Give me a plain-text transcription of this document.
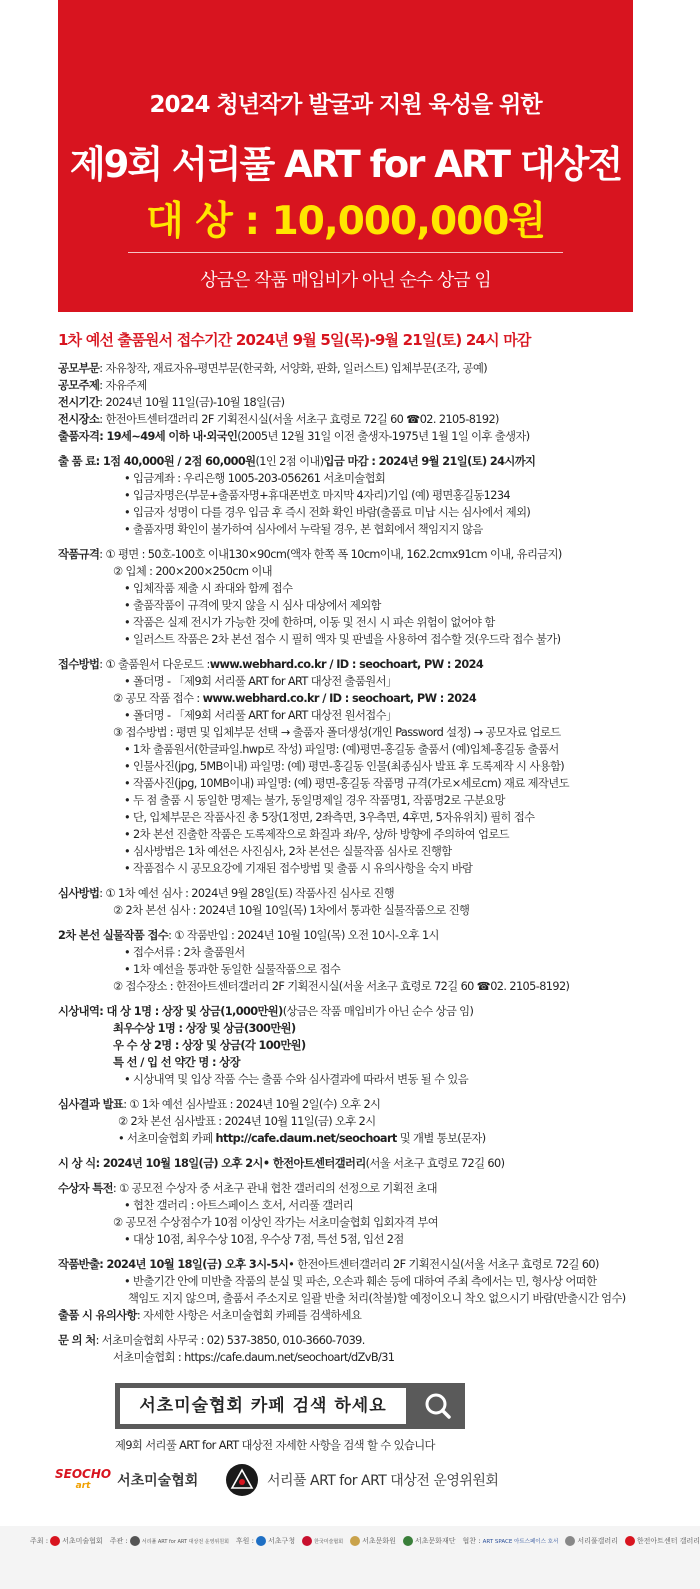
2024 청년작가 발굴과 지원 육성을 위한
제9회 서리풀 ART for ART 대상전
대 상 : 10,000,000원
상금은 작품 매입비가 아닌 순수 상금 임
1차 예선 출품원서 접수기간 2024년 9월 5일(목)-9월 21일(토) 24시 마감
공모부문 : 자유창작, 재료자유-평면부문(한국화, 서양화, 판화, 일러스트) 입체부문(조각, 공예)
공모주제 : 자유주제
전시기간 : 2024년 10월 11일(금)-10월 18일(금)
전시장소 : 한전아트센터갤러리 2F 기획전시실(서울 서초구 효령로 72길 60 ☎02. 2105-8192)
출품자격 : 19세~49세 이하 내·외국인 (2005년 12월 31일 이전 출생자-1975년 1월 1일 이후 출생자)
출 품 료 : 1점 40,000원 / 2점 60,000원 (1인 2점 이내) 입금 마감 : 2024년 9월 21일(토) 24시까지
• 입금계좌 : 우리은행 1005-203-056261 서초미술협회
• 입금자명은(부문+출품자명+휴대폰번호 마지막 4자리)기입 (예) 평면홍길동1234
• 입금자 성명이 다를 경우 입금 후 즉시 전화 확인 바람(출품료 미납 시는 심사에서 제외)
• 출품자명 확인이 불가하여 심사에서 누락될 경우, 본 협회에서 책임지지 않음
작품규격 : ① 평면 : 50호-100호 이내130×90cm(액자 한쪽 폭 10cm이내, 162.2cmx91cm 이내, 유리금지)
② 입체 : 200×200×250cm 이내
• 입체작품 제출 시 좌대와 함께 접수
• 출품작품이 규격에 맞지 않을 시 심사 대상에서 제외함
• 작품은 실제 전시가 가능한 것에 한하며, 이동 및 전시 시 파손 위험이 없어야 함
• 일러스트 작품은 2차 본선 접수 시 필히 액자 및 판넬을 사용하여 접수할 것(우드락 접수 불가)
접수방법 : ① 출품원서 다운로드 : www.webhard.co.kr / ID : seochoart, PW : 2024
• 폴더명 - 「제9회 서리풀 ART for ART 대상전 출품원서」
② 공모 작품 접수 : www.webhard.co.kr / ID : seochoart, PW : 2024
• 폴더명 - 「제9회 서리풀 ART for ART 대상전 원서접수」
③ 접수방법 : 평면 및 입체부문 선택 → 출품자 폴더생성(개인 Password 설정) → 공모자료 업로드
• 1차 출품원서(한글파일.hwp로 작성) 파일명: (예)평면-홍길동 출품서 (예)입체-홍길동 출품서
• 인물사진(jpg, 5MB이내) 파일명: (예) 평면-홍길동 인물(최종심사 발표 후 도록제작 시 사용함)
• 작품사진(jpg, 10MB이내) 파일명: (예) 평면-홍길동 작품명 규격(가로×세로cm) 재료 제작년도
• 두 점 출품 시 동일한 명제는 불가, 동일명제일 경우 작품명1, 작품명2로 구분요망
• 단, 입체부문은 작품사진 총 5장(1정면, 2좌측면, 3우측면, 4후면, 5자유위치) 필히 접수
• 2차 본선 진출한 작품은 도록제작으로 화질과 좌/우, 상/하 방향에 주의하여 업로드
• 심사방법은 1차 예선은 사진심사, 2차 본선은 실물작품 심사로 진행함
• 작품접수 시 공모요강에 기재된 접수방법 및 출품 시 유의사항을 숙지 바람
심사방법 : ① 1차 예선 심사 : 2024년 9월 28일(토) 작품사진 심사로 진행
② 2차 본선 심사 : 2024년 10월 10일(목) 1차에서 통과한 실물작품으로 진행
2차 본선 실물작품 접수 : ① 작품반입 : 2024년 10월 10일(목) 오전 10시-오후 1시
• 접수서류 : 2차 출품원서
• 1차 예선을 통과한 동일한 실물작품으로 접수
② 접수장소 : 한전아트센터갤러리 2F 기획전시실(서울 서초구 효령로 72길 60 ☎02. 2105-8192)
시상내역 : 대 상 1명 : 상장 및 상금(1,000만원) (상금은 작품 매입비가 아닌 순수 상금 임)
최우수상 1명 : 상장 및 상금(300만원)
우 수 상 2명 : 상장 및 상금(각 100만원)
특 선 / 입 선 약간 명 : 상장
• 시상내역 및 입상 작품 수는 출품 수와 심사결과에 따라서 변동 될 수 있음
심사결과 발표 : ① 1차 예선 심사발표 : 2024년 10월 2일(수) 오후 2시
② 2차 본선 심사발표 : 2024년 10월 11일(금) 오후 2시
• 서초미술협회 카페 http://cafe.daum.net/seochoart 및 개별 통보(문자)
시 상 식 : 2024년 10월 18일(금) 오후 2시 • 한전아트센터갤러리 (서울 서초구 효령로 72길 60)
수상자 특전 : ① 공모전 수상자 중 서초구 관내 협찬 갤러리의 선정으로 기획전 초대
• 협찬 갤러리 : 아트스페이스 호서, 서리풀 갤러리
② 공모전 수상점수가 10점 이상인 작가는 서초미술협회 입회자격 부여
• 대상 10점, 최우수상 10점, 우수상 7점, 특선 5점, 입선 2점
작품반출 : 2024년 10월 18일(금) 오후 3시-5시 • 한전아트센터갤러리 2F 기획전시실(서울 서초구 효령로 72길 60)
• 반출기간 안에 미반출 작품의 분실 및 파손, 오손과 훼손 등에 대하여 주최 측에서는 민, 형사상 어떠한
책임도 지지 않으며, 출품서 주소지로 일괄 반출 처리(착불)할 예정이오니 착오 없으시기 바람(반출시간 엄수)
출품 시 유의사항 : 자세한 사항은 서초미술협회 카페를 검색하세요
문 의 처 : 서초미술협회 사무국 : 02) 537-3850, 010-3660-7039.
서초미술협회 : https://cafe.daum.net/seochoart/dZvB/31
서초미술협회 카페 검색 하세요
제9회 서리풀 ART for ART 대상전 자세한 사항을 검색 할 수 있습니다
SEOCHO
art	서초미술협회	서리풀 ART for ART 대상전 운영위원회
주최 : 서초미술협회 주관 :	서리풀 ART for ART 대상전 운영위원회 후원 : 서초구청	한국미술협회	서초문화원	서초문화재단 협찬 : ART SPACE 아트스페이스 호서	서리풀갤러리	한전아트센터 갤러리
